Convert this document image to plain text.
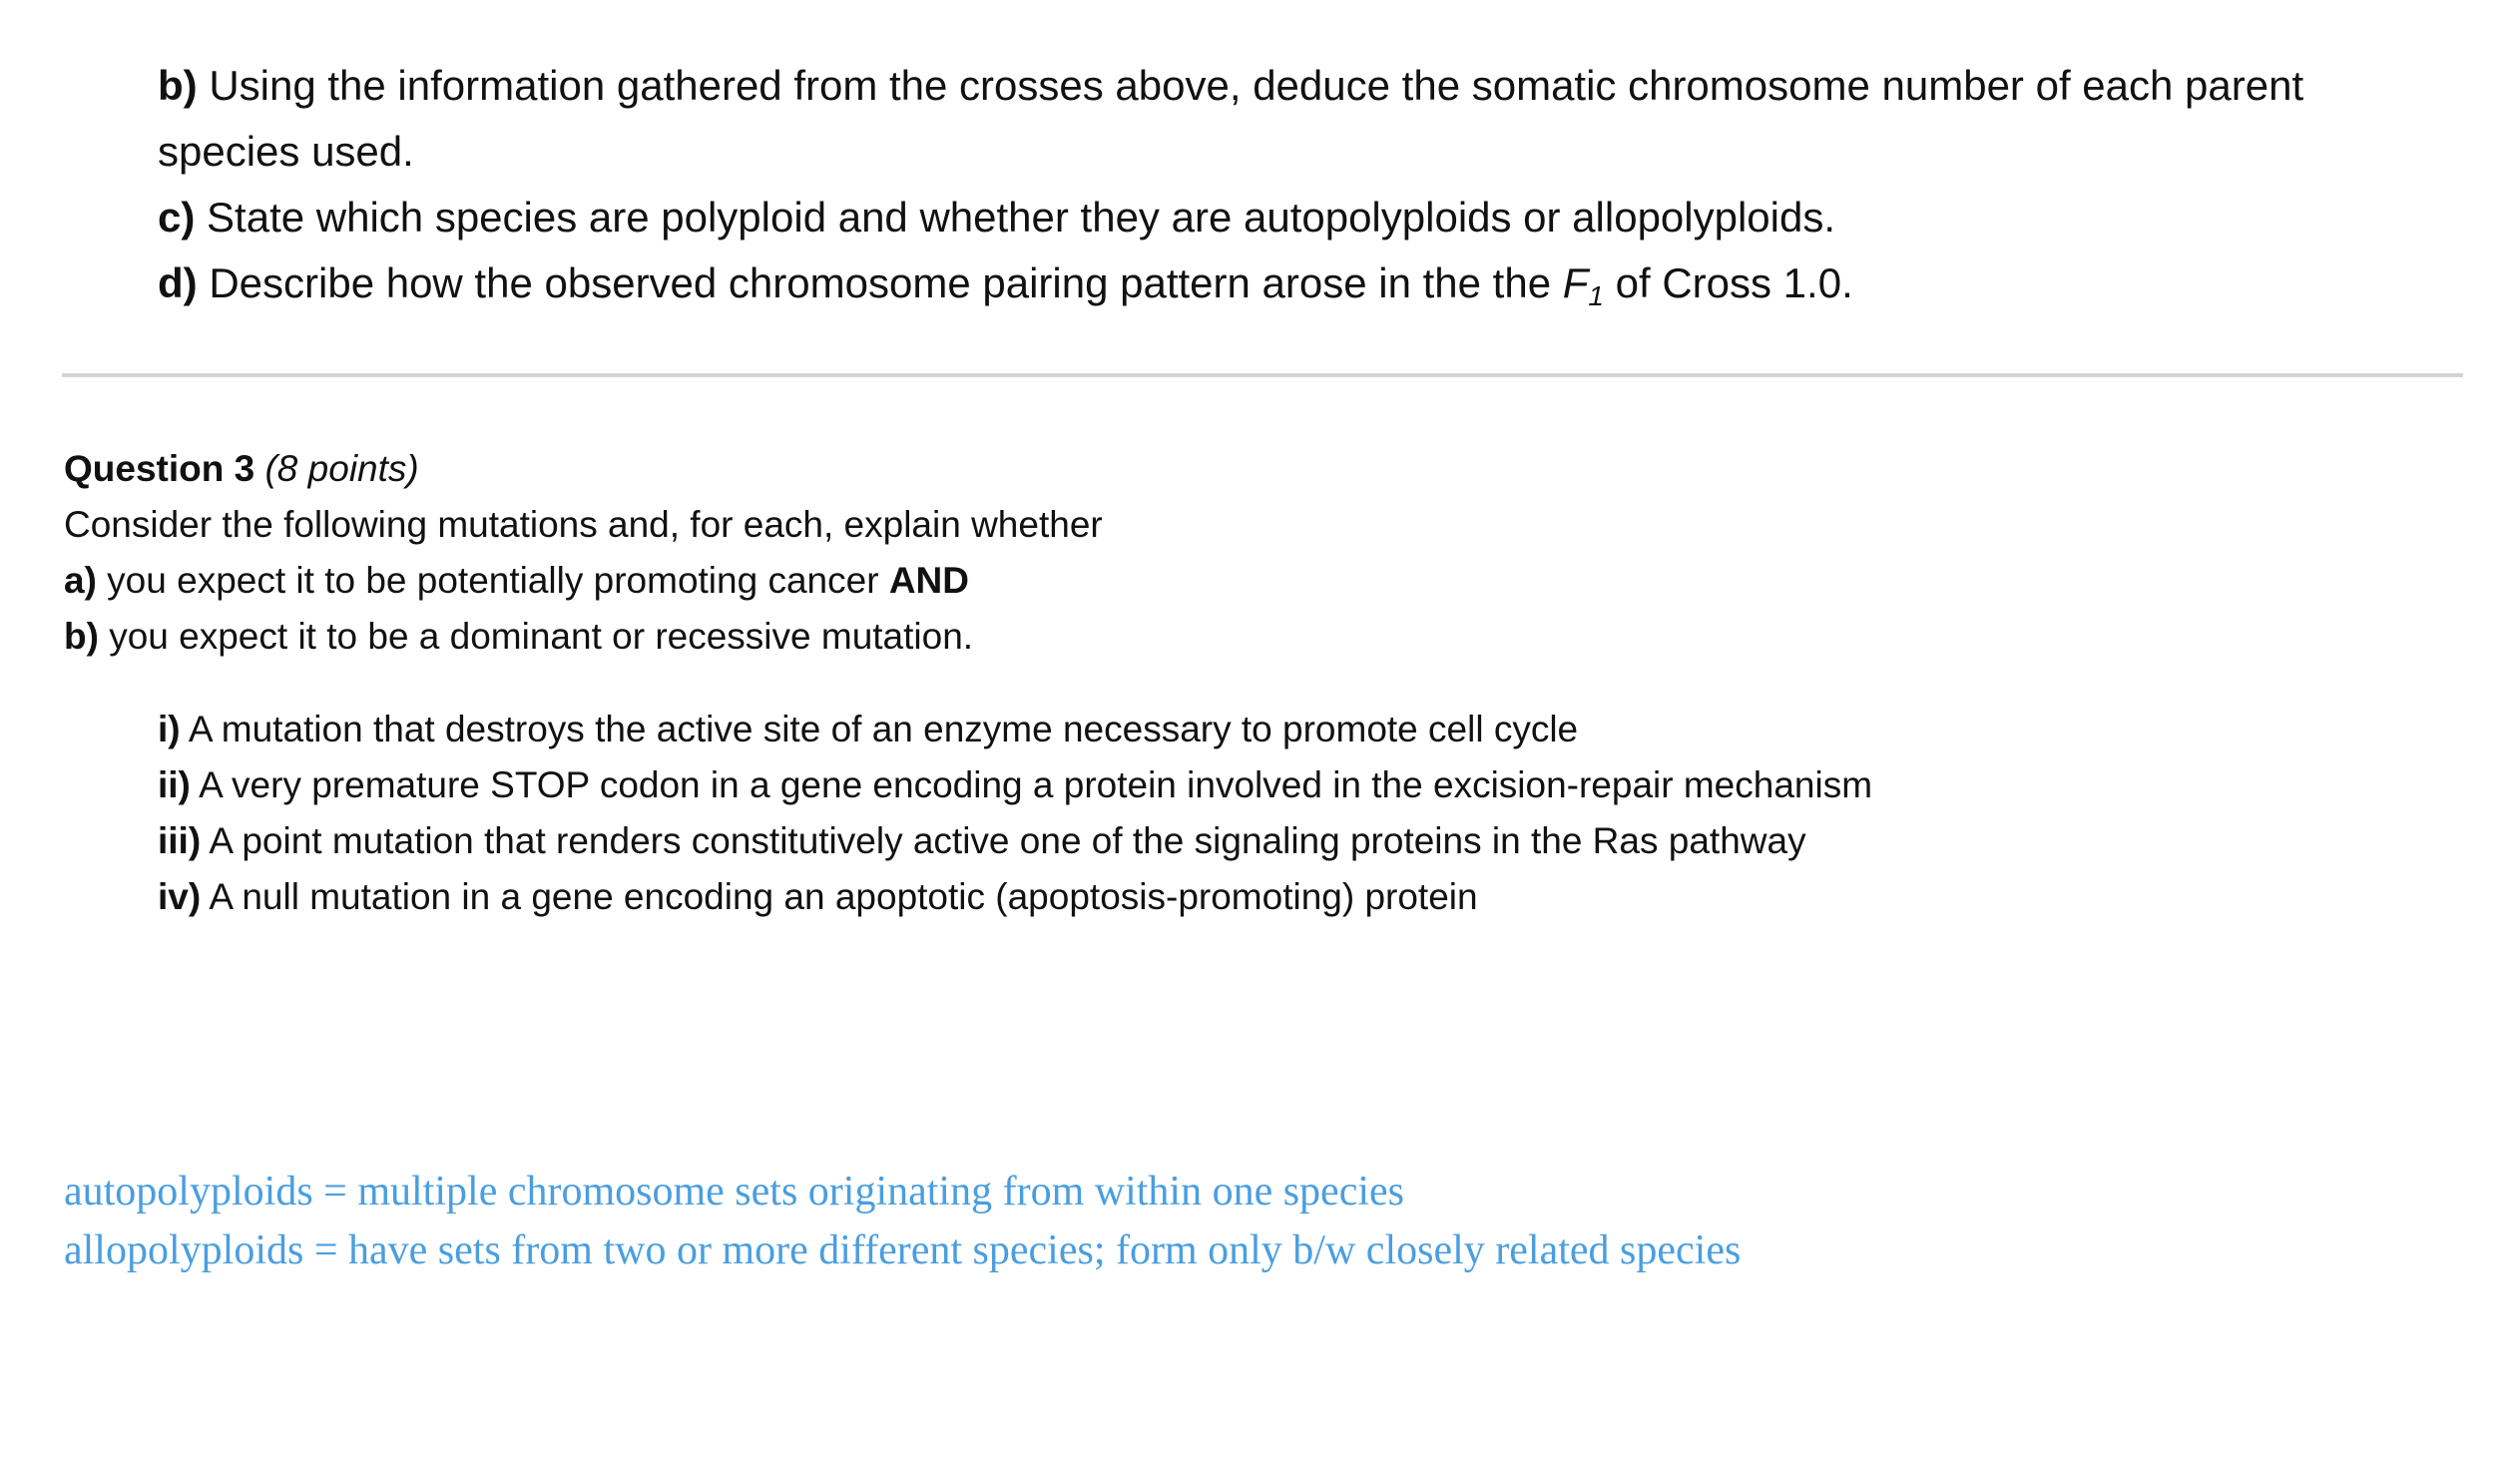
b) Using the information gathered from the crosses above, deduce the somatic chromosome number of each parent
species used.
c) State which species are polyploid and whether they are autopolyploids or allopolyploids.
d) Describe how the observed chromosome pairing pattern arose in the the F1 of Cross 1.0.
Question 3 (8 points)
Consider the following mutations and, for each, explain whether
a) you expect it to be potentially promoting cancer AND
b) you expect it to be a dominant or recessive mutation.
i) A mutation that destroys the active site of an enzyme necessary to promote cell cycle
ii) A very premature STOP codon in a gene encoding a protein involved in the excision-repair mechanism
iii) A point mutation that renders constitutively active one of the signaling proteins in the Ras pathway
iv) A null mutation in a gene encoding an apoptotic (apoptosis-promoting) protein
autopolyploids = multiple chromosome sets originating from within one species
allopolyploids = have sets from two or more different species; form only b/w closely related species
